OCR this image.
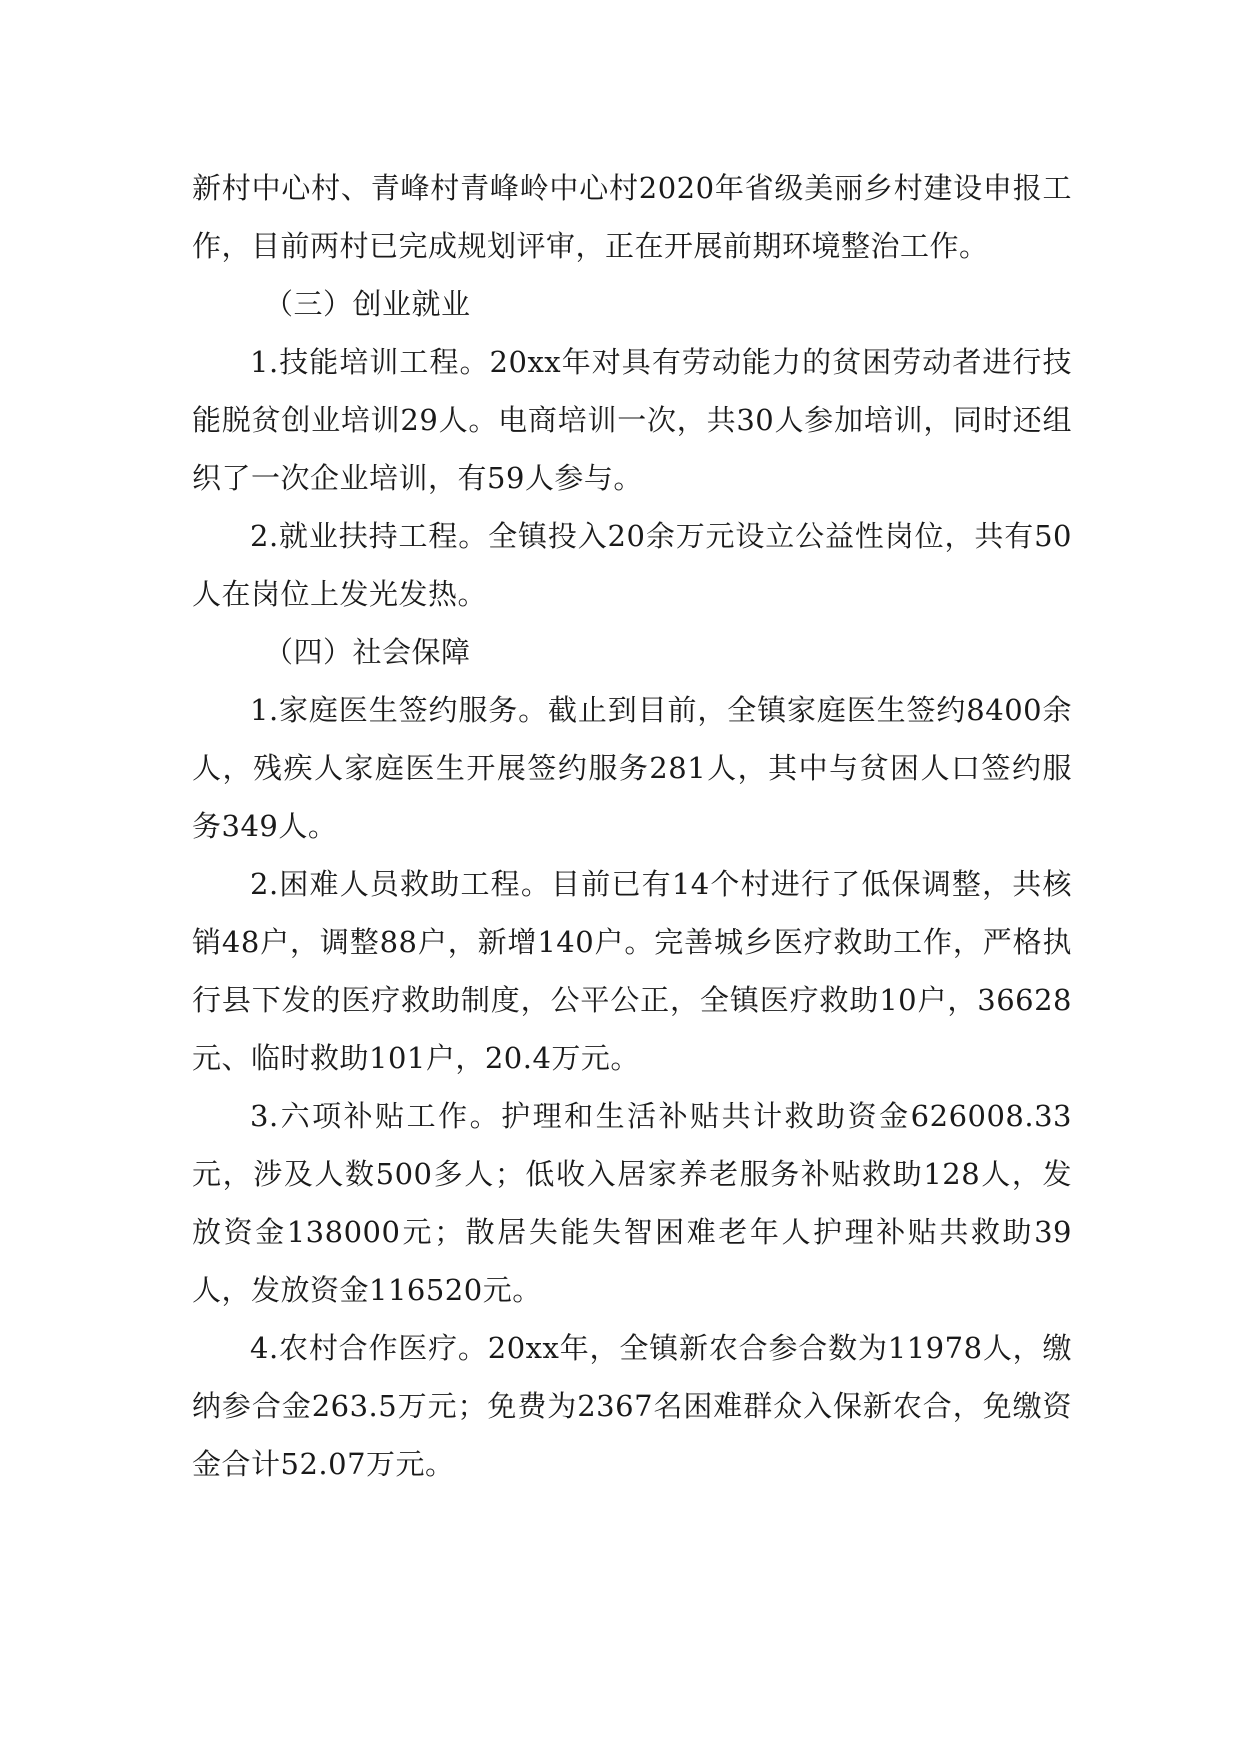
新村中心村、青峰村青峰岭中心村2020年省级美丽乡村建设申报工作，目前两村已完成规划评审，正在开展前期环境整治工作。

（三）创业就业

1.技能培训工程。20xx年对具有劳动能力的贫困劳动者进行技能脱贫创业培训29人。电商培训一次，共30人参加培训，同时还组织了一次企业培训，有59人参与。

2.就业扶持工程。全镇投入20余万元设立公益性岗位，共有50人在岗位上发光发热。

（四）社会保障

1.家庭医生签约服务。截止到目前，全镇家庭医生签约8400余人，残疾人家庭医生开展签约服务281人，其中与贫困人口签约服务349人。

2.困难人员救助工程。目前已有14个村进行了低保调整，共核销48户，调整88户，新增140户。完善城乡医疗救助工作，严格执行县下发的医疗救助制度，公平公正，全镇医疗救助10户，36628元、临时救助101户，20.4万元。

3.六项补贴工作。护理和生活补贴共计救助资金626008.33元，涉及人数500多人；低收入居家养老服务补贴救助128人，发放资金138000元；散居失能失智困难老年人护理补贴共救助39人，发放资金116520元。

4.农村合作医疗。20xx年，全镇新农合参合数为11978人，缴纳参合金263.5万元；免费为2367名困难群众入保新农合，免缴资金合计52.07万元。
